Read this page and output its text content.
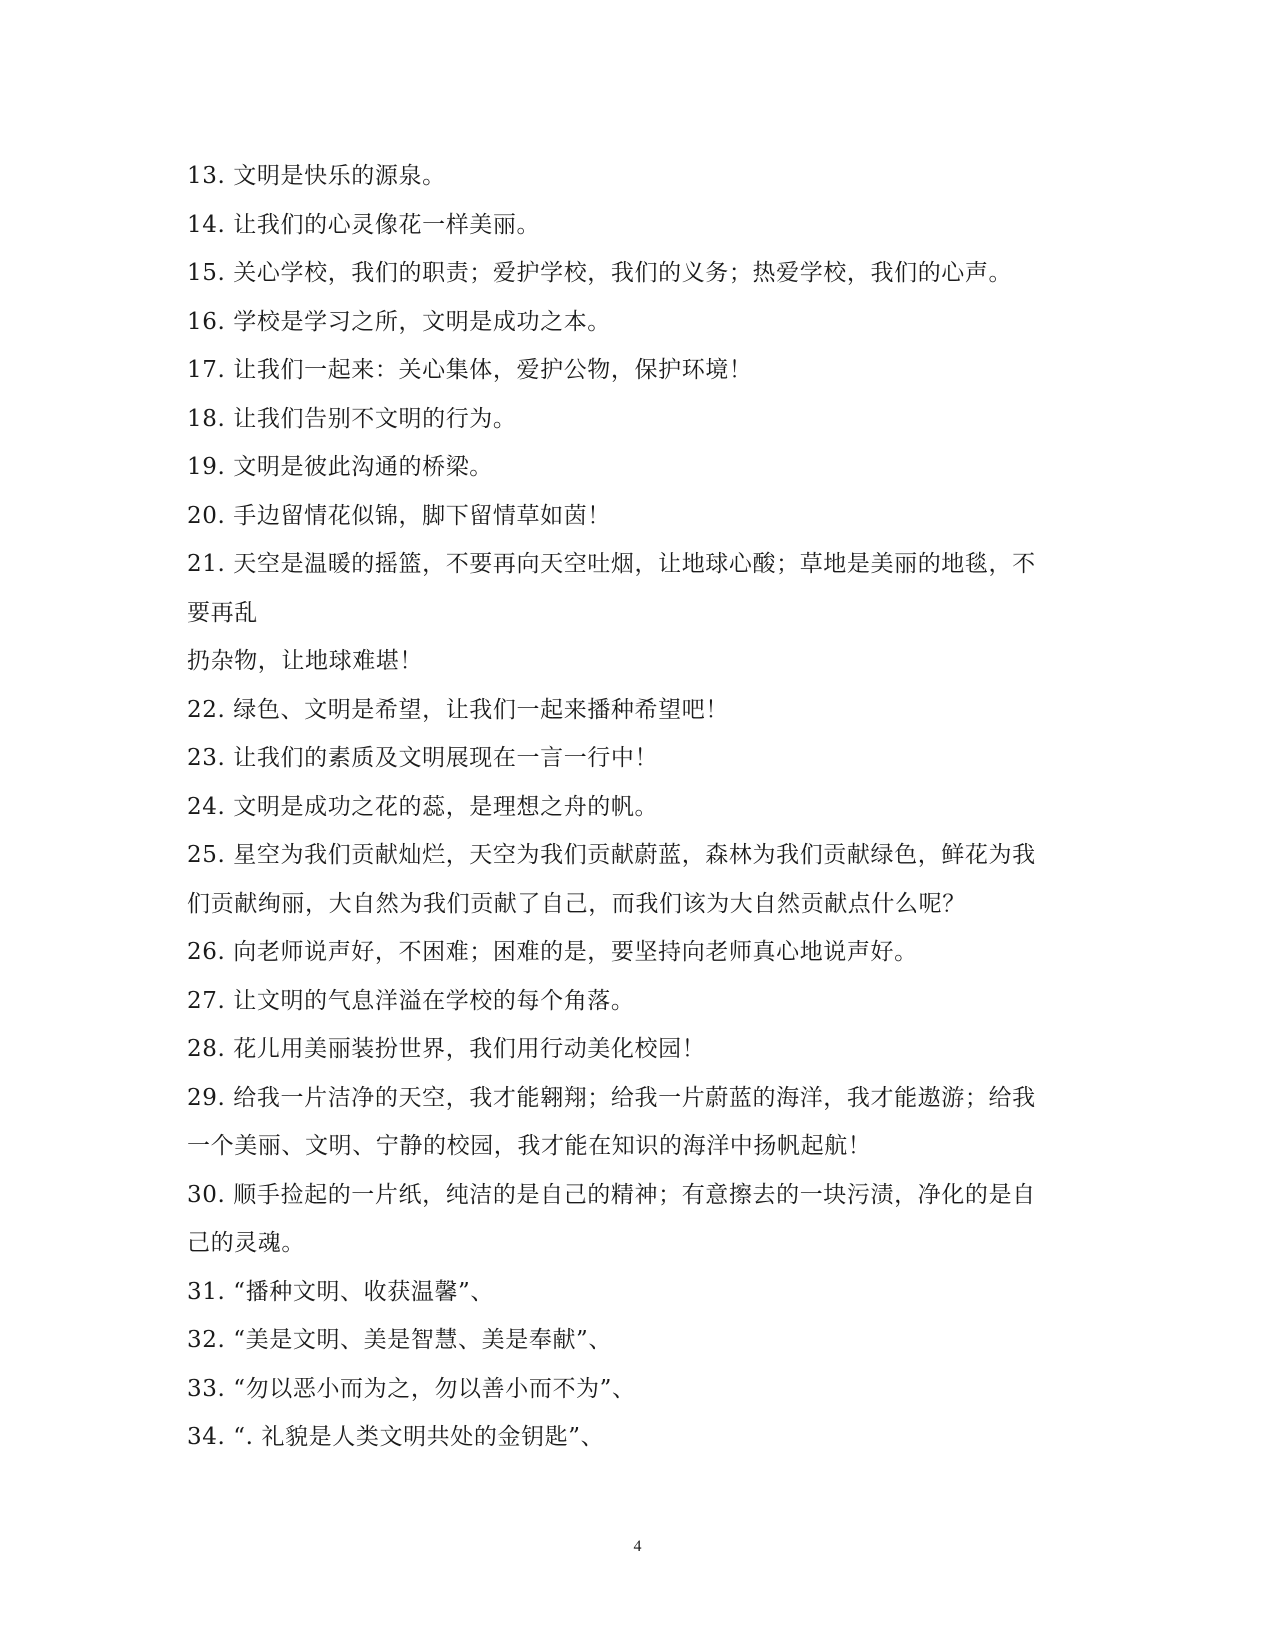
13. 文明是快乐的源泉。
14. 让我们的心灵像花一样美丽。
15. 关心学校，我们的职责；爱护学校，我们的义务；热爱学校，我们的心声。
16. 学校是学习之所，文明是成功之本。
17. 让我们一起来：关心集体，爱护公物，保护环境！
18. 让我们告别不文明的行为。
19. 文明是彼此沟通的桥梁。
20. 手边留情花似锦，脚下留情草如茵！
21. 天空是温暖的摇篮，不要再向天空吐烟，让地球心酸；草地是美丽的地毯，不
要再乱
扔杂物，让地球难堪！
22. 绿色、文明是希望，让我们一起来播种希望吧！
23. 让我们的素质及文明展现在一言一行中！
24. 文明是成功之花的蕊，是理想之舟的帆。
25. 星空为我们贡献灿烂，天空为我们贡献蔚蓝，森林为我们贡献绿色，鲜花为我
们贡献绚丽，大自然为我们贡献了自己，而我们该为大自然贡献点什么呢？
26. 向老师说声好，不困难；困难的是，要坚持向老师真心地说声好。
27. 让文明的气息洋溢在学校的每个角落。
28. 花儿用美丽装扮世界，我们用行动美化校园！
29. 给我一片洁净的天空，我才能翱翔；给我一片蔚蓝的海洋，我才能遨游；给我
一个美丽、文明、宁静的校园，我才能在知识的海洋中扬帆起航！
30. 顺手捡起的一片纸，纯洁的是自己的精神；有意擦去的一块污渍，净化的是自
己的灵魂。
31. “播种文明、收获温馨”、
32. “美是文明、美是智慧、美是奉献”、
33. “勿以恶小而为之，勿以善小而不为”、
34. “. 礼貌是人类文明共处的金钥匙”、
4
